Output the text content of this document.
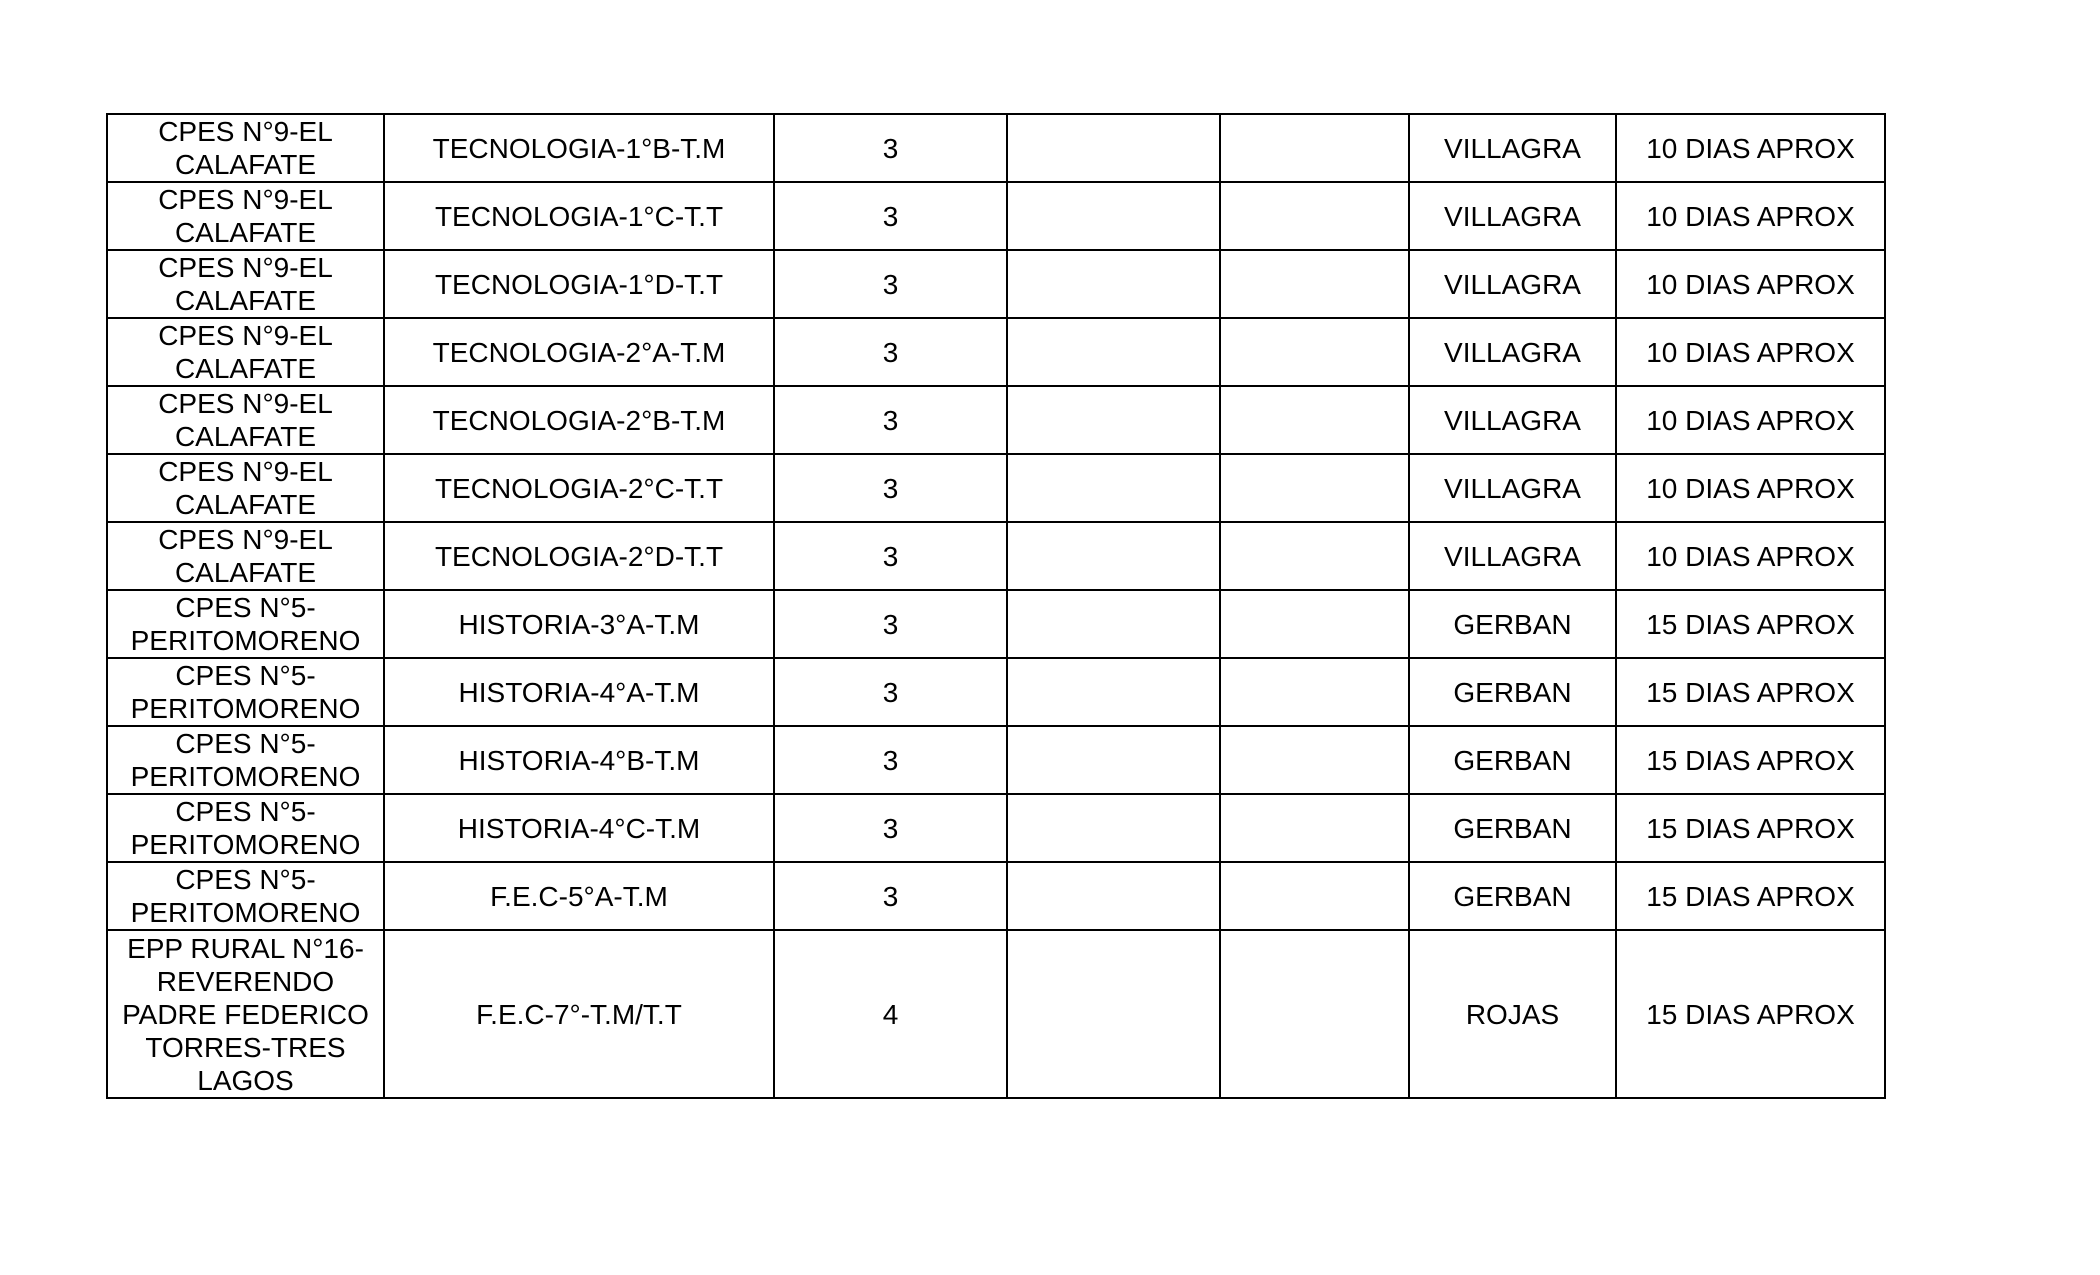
CPES N°9-EL
CALAFATE	TECNOLOGIA-1°B-T.M	3			VILLAGRA	10 DIAS APROX
CPES N°9-EL
CALAFATE	TECNOLOGIA-1°C-T.T	3			VILLAGRA	10 DIAS APROX
CPES N°9-EL
CALAFATE	TECNOLOGIA-1°D-T.T	3			VILLAGRA	10 DIAS APROX
CPES N°9-EL
CALAFATE	TECNOLOGIA-2°A-T.M	3			VILLAGRA	10 DIAS APROX
CPES N°9-EL
CALAFATE	TECNOLOGIA-2°B-T.M	3			VILLAGRA	10 DIAS APROX
CPES N°9-EL
CALAFATE	TECNOLOGIA-2°C-T.T	3			VILLAGRA	10 DIAS APROX
CPES N°9-EL
CALAFATE	TECNOLOGIA-2°D-T.T	3			VILLAGRA	10 DIAS APROX
CPES N°5-
PERITOMORENO	HISTORIA-3°A-T.M	3			GERBAN	15 DIAS APROX
CPES N°5-
PERITOMORENO	HISTORIA-4°A-T.M	3			GERBAN	15 DIAS APROX
CPES N°5-
PERITOMORENO	HISTORIA-4°B-T.M	3			GERBAN	15 DIAS APROX
CPES N°5-
PERITOMORENO	HISTORIA-4°C-T.M	3			GERBAN	15 DIAS APROX
CPES N°5-
PERITOMORENO	F.E.C-5°A-T.M	3			GERBAN	15 DIAS APROX
EPP RURAL N°16-
REVERENDO
PADRE FEDERICO
TORRES-TRES
LAGOS	F.E.C-7°-T.M/T.T	4			ROJAS	15 DIAS APROX
